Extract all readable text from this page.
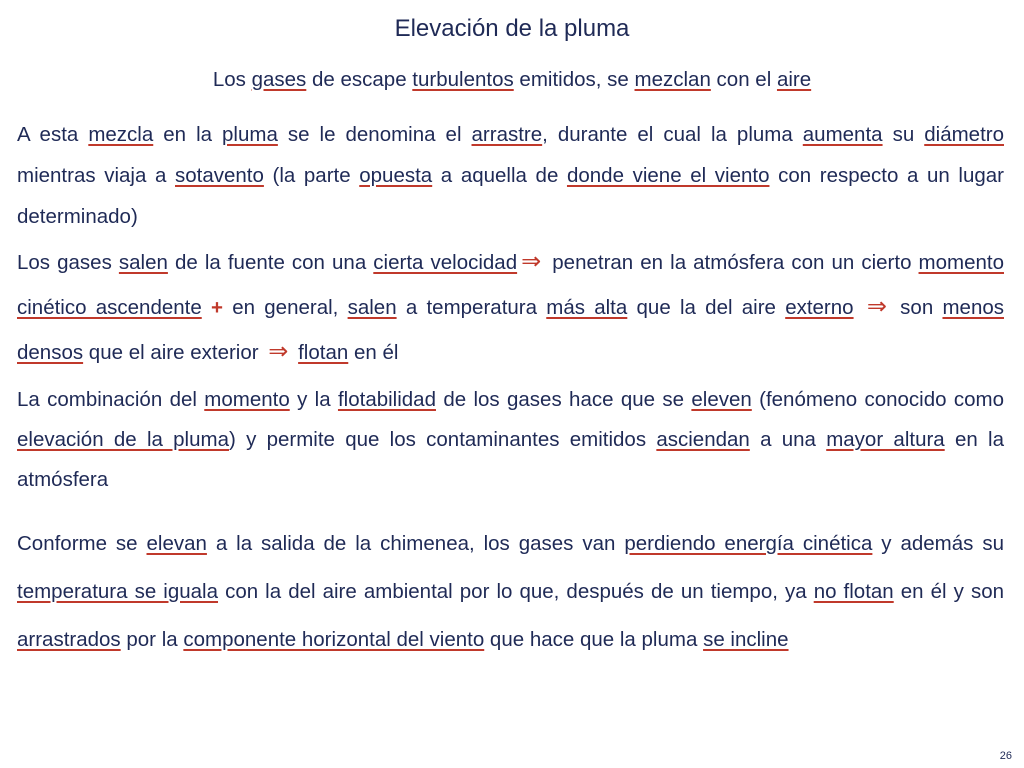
Elevación de la pluma
Los gases de escape turbulentos emitidos, se mezclan con el aire
A esta mezcla en la pluma se le denomina el arrastre, durante el cual la pluma aumenta su diámetro mientras viaja a sotavento (la parte opuesta a aquella de donde viene el viento con respecto a un lugar determinado)
Los gases salen de la fuente con una cierta velocidad ⇒ penetran en la atmósfera con un cierto momento cinético ascendente + en general, salen a temperatura más alta que la del aire externo ⇒ son menos densos que el aire exterior ⇒ flotan en él
La combinación del momento y la flotabilidad de los gases hace que se eleven (fenómeno conocido como elevación de la pluma) y permite que los contaminantes emitidos asciendan a una mayor altura en la atmósfera
Conforme se elevan a la salida de la chimenea, los gases van perdiendo energía cinética y además su temperatura se iguala con la del aire ambiental por lo que, después de un tiempo, ya no flotan en él y son arrastrados por la componente horizontal del viento que hace que la pluma se incline
26
